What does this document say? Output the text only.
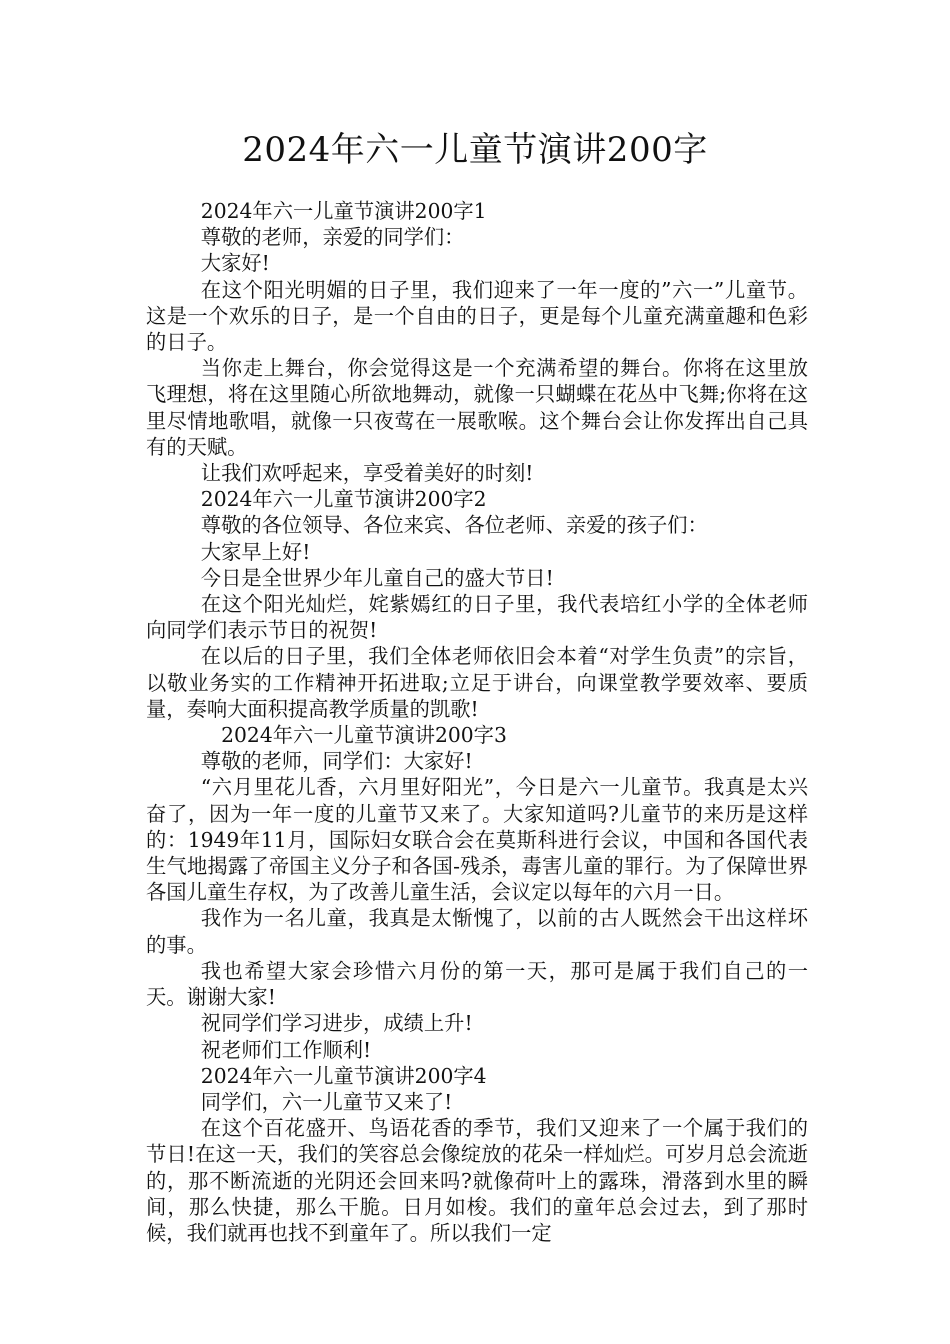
2024年六一儿童节演讲200字

2024年六一儿童节演讲200字1

尊敬的老师，亲爱的同学们：

大家好!

在这个阳光明媚的日子里，我们迎来了一年一度的”六一”儿童节。这是一个欢乐的日子，是一个自由的日子，更是每个儿童充满童趣和色彩的日子。

当你走上舞台，你会觉得这是一个充满希望的舞台。你将在这里放飞理想，将在这里随心所欲地舞动，就像一只蝴蝶在花丛中飞舞;你将在这里尽情地歌唱，就像一只夜莺在一展歌喉。这个舞台会让你发挥出自己具有的天赋。

让我们欢呼起来，享受着美好的时刻!

2024年六一儿童节演讲200字2

尊敬的各位领导、各位来宾、各位老师、亲爱的孩子们：

大家早上好!

今日是全世界少年儿童自己的盛大节日!

在这个阳光灿烂，姹紫嫣红的日子里，我代表培红小学的全体老师向同学们表示节日的祝贺!

在以后的日子里，我们全体老师依旧会本着“对学生负责”的宗旨，以敬业务实的工作精神开拓进取;立足于讲台，向课堂教学要效率、要质量，奏响大面积提高教学质量的凯歌!

2024年六一儿童节演讲200字3

尊敬的老师，同学们：大家好!

“六月里花儿香，六月里好阳光”，今日是六一儿童节。我真是太兴奋了，因为一年一度的儿童节又来了。大家知道吗?儿童节的来历是这样的：1949年11月，国际妇女联合会在莫斯科进行会议，中国和各国代表生气地揭露了帝国主义分子和各国-残杀，毒害儿童的罪行。为了保障世界各国儿童生存权，为了改善儿童生活，会议定以每年的六月一日。

我作为一名儿童，我真是太惭愧了，以前的古人既然会干出这样坏的事。

我也希望大家会珍惜六月份的第一天，那可是属于我们自己的一天。谢谢大家!

祝同学们学习进步，成绩上升!

祝老师们工作顺利!

2024年六一儿童节演讲200字4

同学们，六一儿童节又来了!

在这个百花盛开、鸟语花香的季节，我们又迎来了一个属于我们的节日!在这一天，我们的笑容总会像绽放的花朵一样灿烂。可岁月总会流逝的，那不断流逝的光阴还会回来吗?就像荷叶上的露珠，滑落到水里的瞬间，那么快捷，那么干脆。日月如梭。我们的童年总会过去，到了那时候，我们就再也找不到童年了。所以我们一定
